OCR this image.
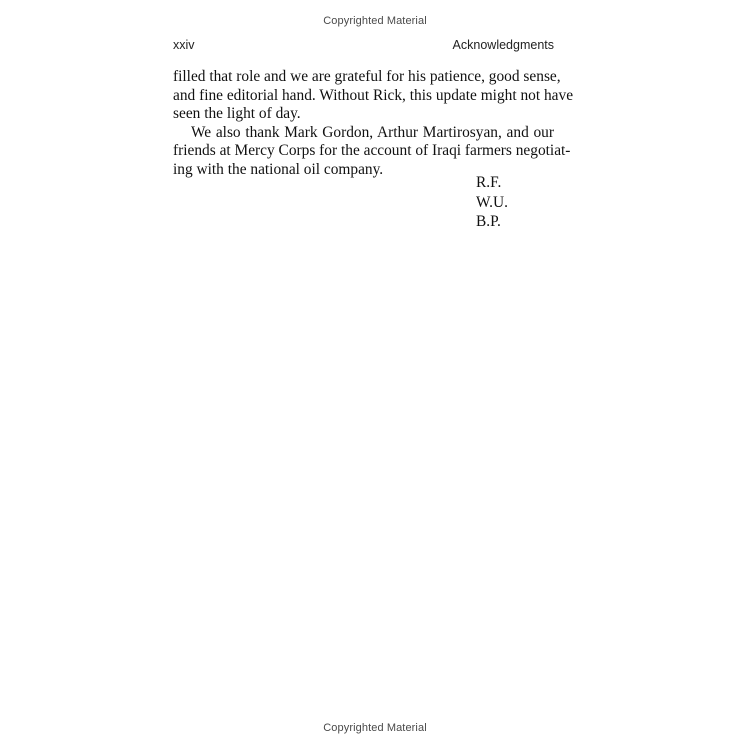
Copyrighted Material
xxiv	Acknowledgments
filled that role and we are grateful for his patience, good sense,
and fine editorial hand. Without Rick, this update might not have
seen the light of day.
We also thank Mark Gordon, Arthur Martirosyan, and our
friends at Mercy Corps for the account of Iraqi farmers negotiat-
ing with the national oil company.
R.F.
W.U.
B.P.
Copyrighted Material
